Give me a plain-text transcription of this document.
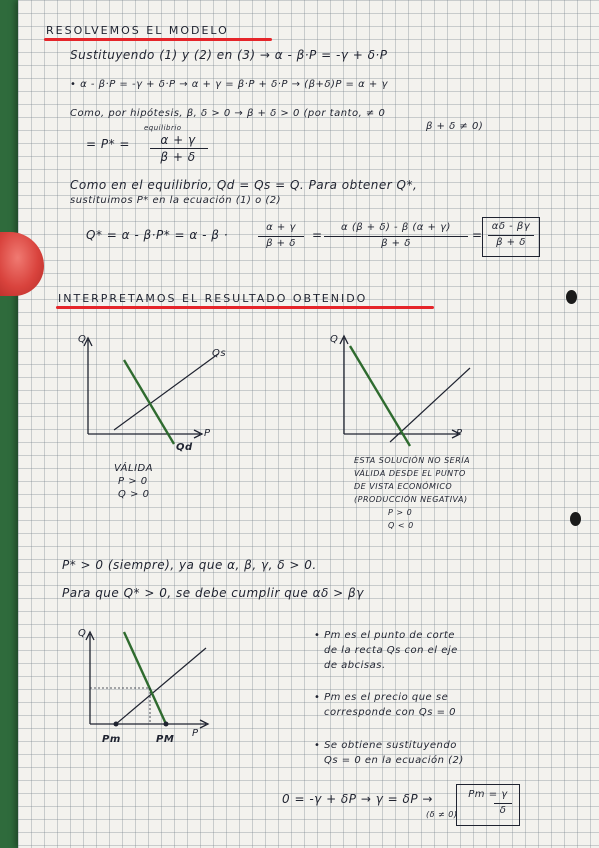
RESOLVEMOS EL MODELO
Sustituyendo (1) y (2) en (3) → α - β·P = -γ + δ·P
• α - β·P = -γ + δ·P → α + γ = β·P + δ·P → (β+δ)P = α + γ
Como, por hipótesis, β, δ > 0 → β + δ > 0 (por tanto, ≠ 0
β + δ ≠ 0)
= P* =
equilibrio
α + γ
β + δ
Como en el equilibrio, Qd = Qs = Q. Para obtener Q*,
sustituimos P* en la ecuación (1) o (2)
Q* = α - β·P* = α - β ·
α + γ
β + δ
=
α (β + δ) - β (α + γ)
β + δ
=
αδ - βγ
β + δ
INTERPRETAMOS EL RESULTADO OBTENIDO
Q
P
Qs
Qd
VÁLIDA
P > 0
Q > 0
Q
P
ESTA SOLUCIÓN NO SERÍA
VÁLIDA DESDE EL PUNTO
DE VISTA ECONÓMICO
(PRODUCCIÓN NEGATIVA)
P > 0
Q < 0
P* > 0 (siempre), ya que α, β, γ, δ > 0.
Para que Q* > 0, se debe cumplir que αδ > βγ
Q
P
Pm	PM
• Pm es el punto de corte
de la recta Qs con el eje
de abcisas.
• Pm es el precio que se
corresponde con Qs = 0
• Se obtiene sustituyendo
Qs = 0 en la ecuación (2)
0 = -γ + δP → γ = δP →
(δ ≠ 0)
Pm = γ
δ
